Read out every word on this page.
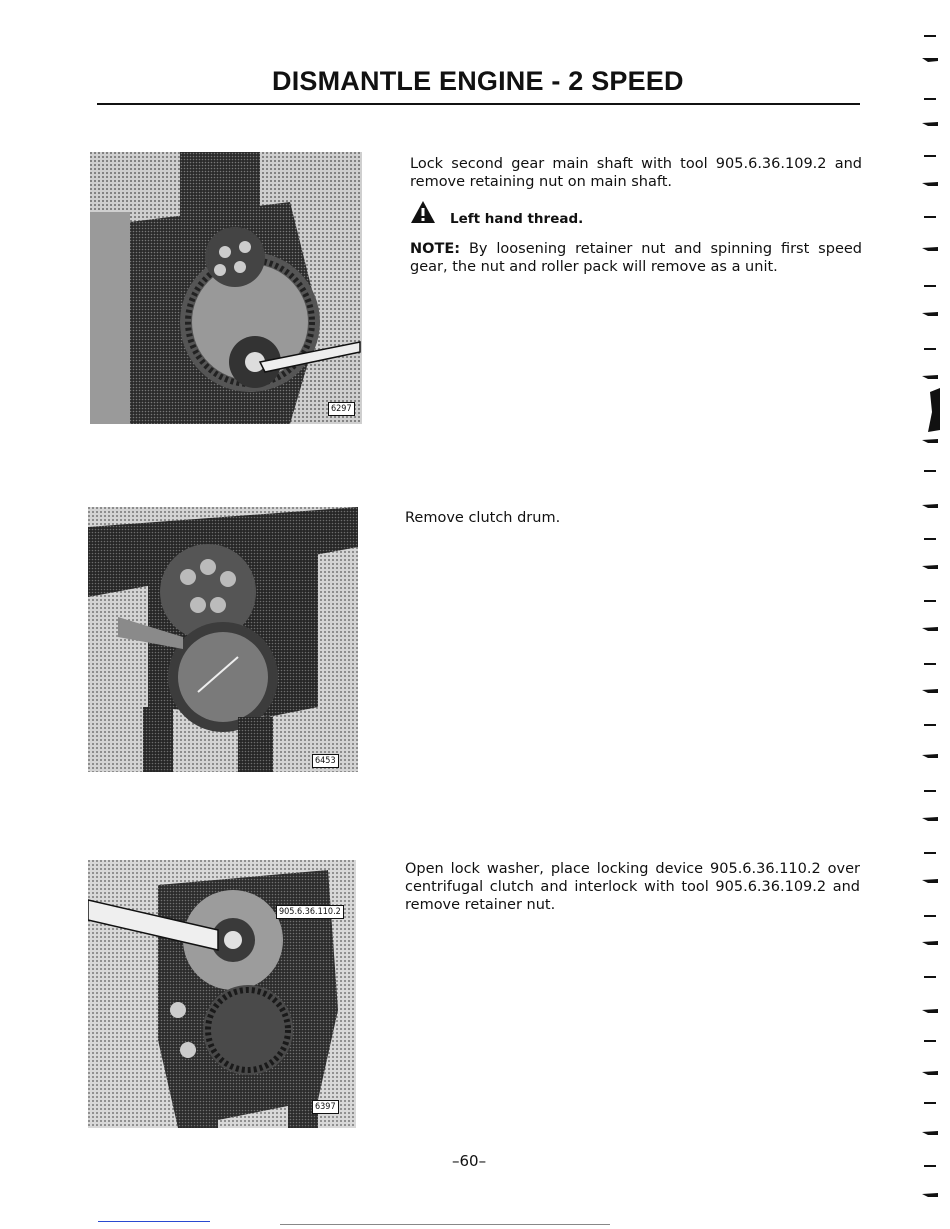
DISMANTLE ENGINE - 2 SPEED
6297
Lock second gear main shaft with tool 905.6.36.109.2 and remove retaining nut on main shaft.
Left hand thread.
NOTE: By loosening retainer nut and spinning first speed gear, the nut and roller pack will remove as a unit.
6453
Remove clutch drum.
905.6.36.110.2
6397
Open lock washer, place locking device 905.6.36.110.2 over centrifugal clutch and interlock with tool 905.6.36.109.2 and remove retainer nut.
–60–
